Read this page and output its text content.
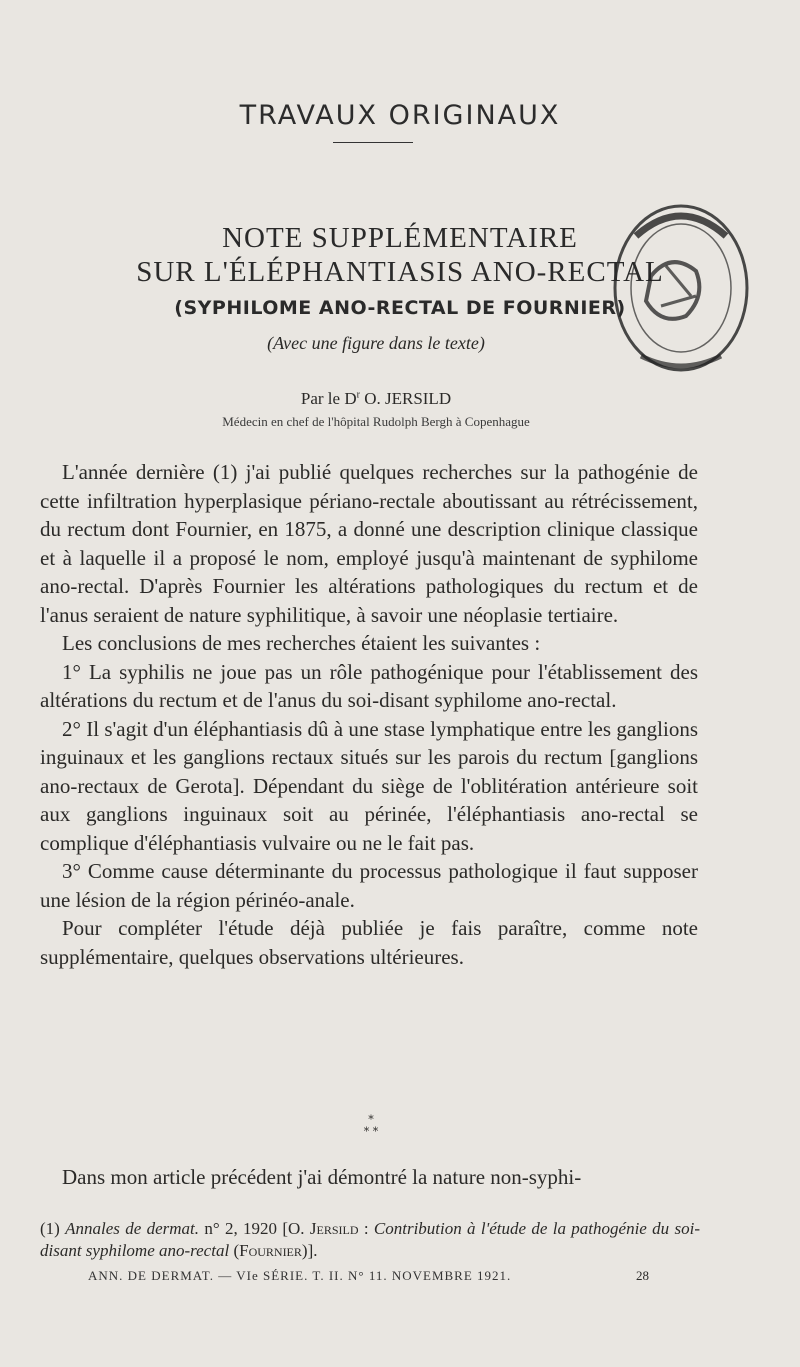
TRAVAUX ORIGINAUX
NOTE SUPPLÉMENTAIRE
SUR L'ÉLÉPHANTIASIS ANO-RECTAL
(SYPHILOME ANO-RECTAL DE FOURNIER)
(Avec une figure dans le texte)
Par le $D^r$ O. JERSILD
Médecin en chef de l'hôpital Rudolph Bergh à Copenhague

L'année dernière (1) j'ai publié quelques recherches sur la pathogénie de cette infiltration hyperplasique périano-rectale aboutissant au rétrécissement, du rectum dont Fournier, en 1875, a donné une description clinique classique et à laquelle il a proposé le nom, employé jusqu'à maintenant de syphilome ano-rectal. D'après Fournier les altérations pathologiques du rectum et de l'anus seraient de nature syphilitique, à savoir une néoplasie tertiaire.

Les conclusions de mes recherches étaient les suivantes :

1° La syphilis ne joue pas un rôle pathogénique pour l'établissement des altérations du rectum et de l'anus du soi-disant syphilome ano-rectal.

2° Il s'agit d'un éléphantiasis dû à une stase lymphatique entre les ganglions inguinaux et les ganglions rectaux situés sur les parois du rectum [ganglions ano-rectaux de Gerota]. Dépendant du siège de l'oblitération antérieure soit aux ganglions inguinaux soit au périnée, l'éléphantiasis ano-rectal se complique d'éléphantiasis vulvaire ou ne le fait pas.

3° Comme cause déterminante du processus pathologique il faut supposer une lésion de la région périnéo-anale.

Pour compléter l'étude déjà publiée je fais paraître, comme note supplémentaire, quelques observations ultérieures.

*
* *
Dans mon article précédent j'ai démontré la nature non-syphi-
(1) Annales de dermat. n° 2, 1920 [O. Jersild : Contribution à l'étude de la pathogénie du soi-disant syphilome ano-rectal (Fournier)].
ANN. DE DERMAT. — VIe SÉRIE. T. II. N° 11. NOVEMBRE 1921.	28
